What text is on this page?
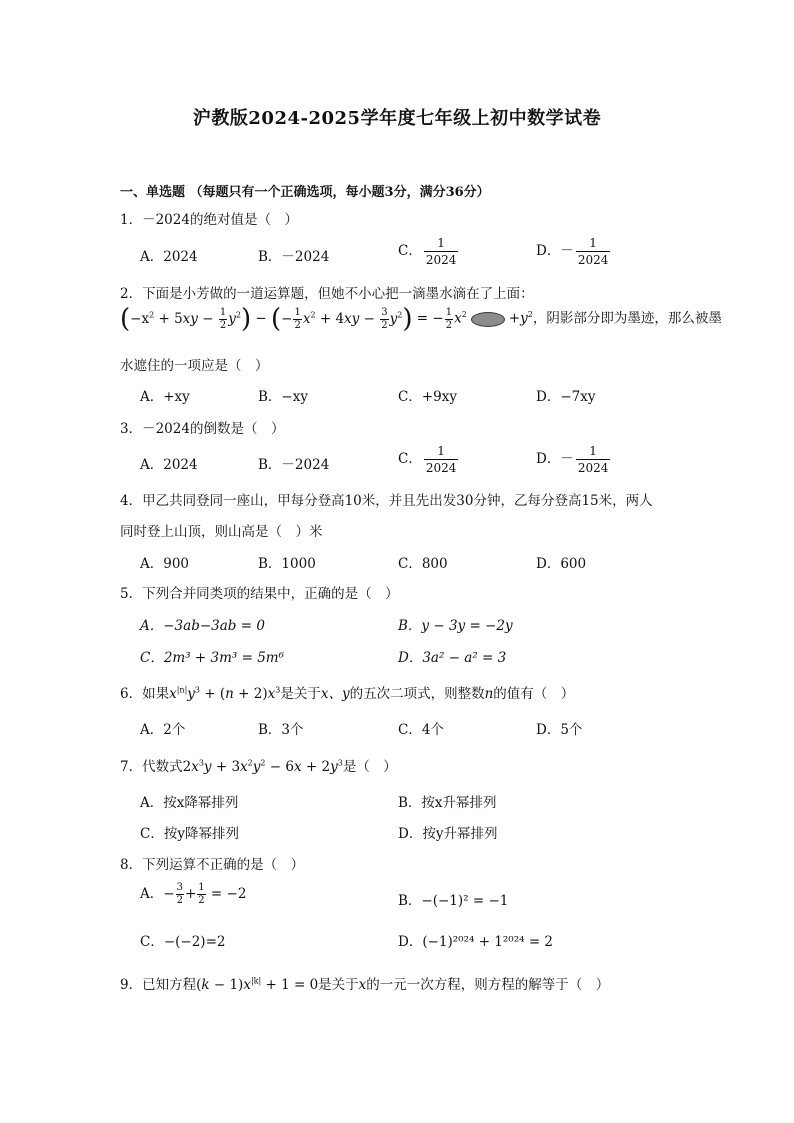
沪教版2024-2025学年度七年级上初中数学试卷
一、单选题 （每题只有一个正确选项，每小题3分，满分36分）
1．－2024的绝对值是（　）
A．2024	B．－2024	C． $\frac{1}{2024}$	D．－ $\frac{1}{2024}$
2．下面是小芳做的一道运算题，但她不小心把一滴墨水滴在了上面：
$(-x^2 + 5xy - \frac{1}{2} y^2)$ − (− $\frac{1}{2} x^2 + 4xy - \frac{3}{2} y^2$) = − $\frac{1}{2} x^2$	$+y^2$，阴影部分即为墨迹，那么被墨
水遮住的一项应是（　）
A．+xy	B．−xy	C．+9xy	D．−7xy
3．－2024的倒数是（　）
A．2024	B．－2024	C． $\frac{1}{2024}$	D．－ $\frac{1}{2024}$
4．甲乙共同登同一座山，甲每分登高10米，并且先出发30分钟，乙每分登高15米，两人
同时登上山顶，则山高是（　）米
A．900	B．1000	C．800	D．600
5．下列合并同类项的结果中，正确的是（　）
A．−3ab−3ab = 0	B．y − 3y = −2y
C．2m³ + 3m³ = 5m⁶	D．3a² − a² = 3
6．如果$x^{|n|}y^3 + (n + 2)x^3$是关于x、y的五次二项式，则整数n的值有（　）
A．2个	B．3个	C．4个	D．5个
7．代数式$2x^3y + 3x^2y^2 - 6x + 2y^3$是（　）
A．按x降幂排列	B．按x升幂排列
C．按y降幂排列	D．按y升幂排列
8．下列运算不正确的是（　）
A．− $\frac{3}{2} + \frac{1}{2} = -2$	B．−(−1)² = −1
C．−(−2)=2	D．(−1)²⁰²⁴ + 1²⁰²⁴ = 2
9．已知方程$(k - 1)x^{|k|} + 1 = 0$是关于x的一元一次方程，则方程的解等于（　）
